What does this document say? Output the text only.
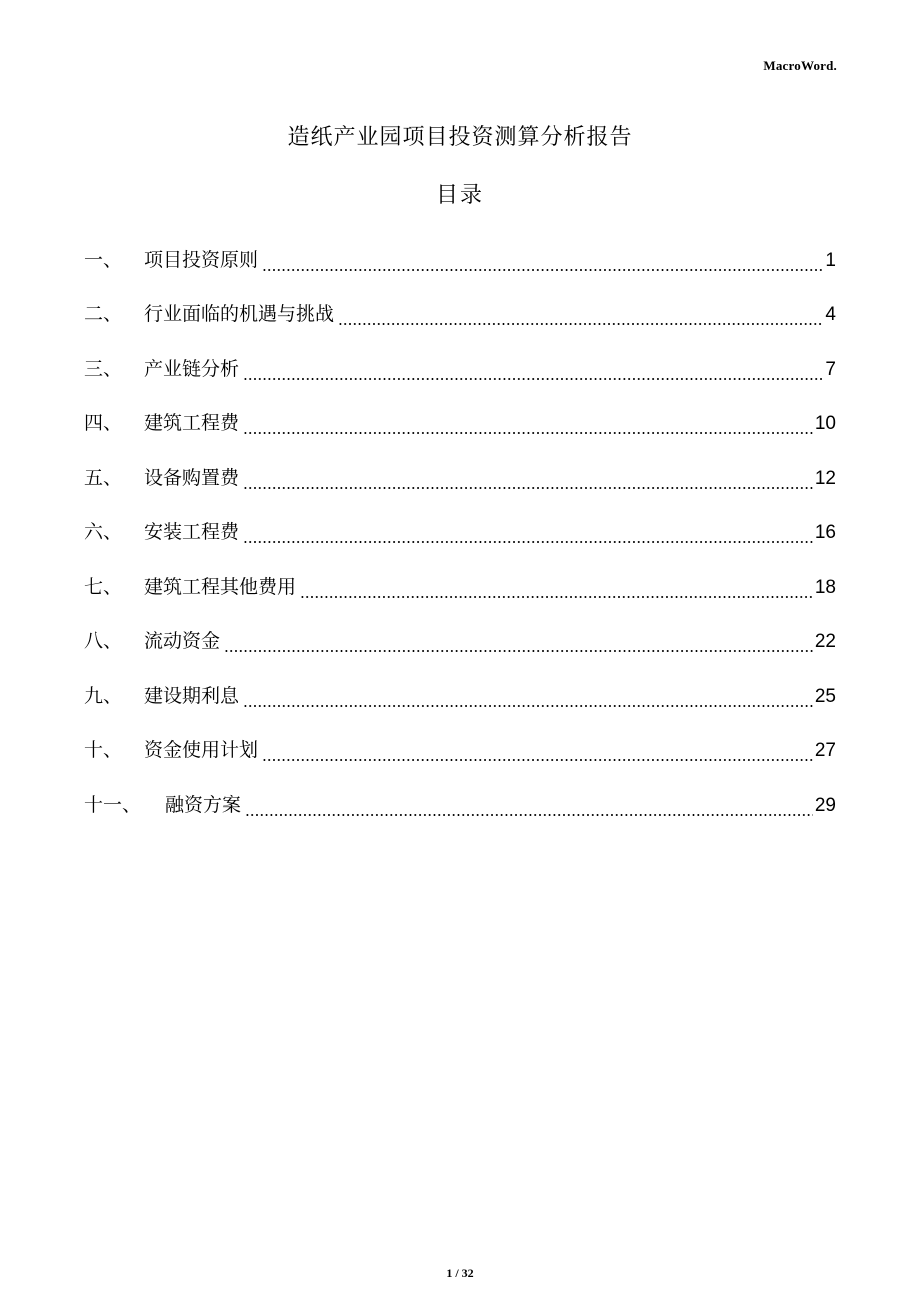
MacroWord.
造纸产业园项目投资测算分析报告
目录
一、	项目投资原则	1
二、	行业面临的机遇与挑战	4
三、	产业链分析	7
四、	建筑工程费	10
五、	设备购置费	12
六、	安装工程费	16
七、	建筑工程其他费用	18
八、	流动资金	22
九、	建设期利息	25
十、	资金使用计划	27
十一、	融资方案	29
1 / 32
